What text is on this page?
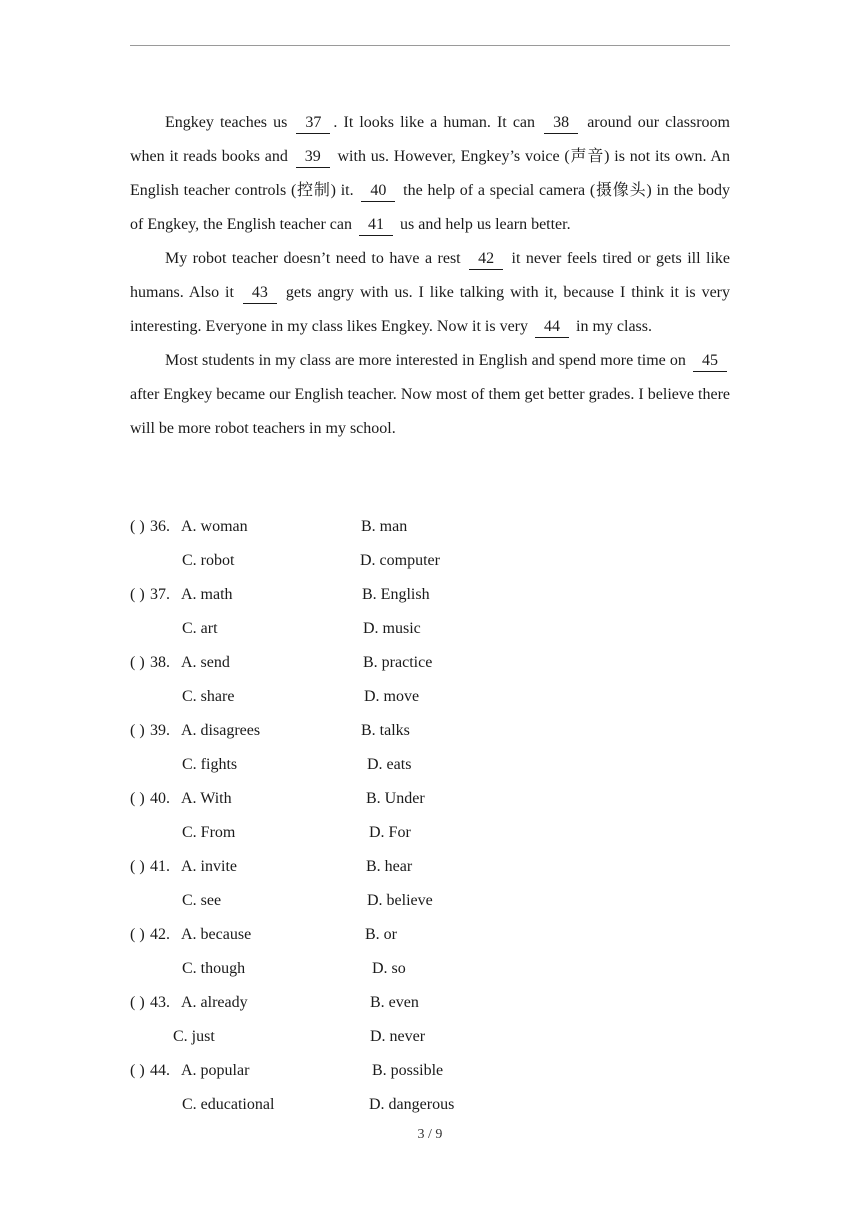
Engkey teaches us 37 . It looks like a human. It can 38 around our classroom when it reads books and 39 with us. However, Engkey’s voice (声音) is not its own. An English teacher controls (控制) it. 40 the help of a special camera (摄像头) in the body of Engkey, the English teacher can 41 us and help us learn better.

My robot teacher doesn’t need to have a rest 42 it never feels tired or gets ill like humans. Also it 43 gets angry with us. I like talking with it, because I think it is very interesting. Everyone in my class likes Engkey. Now it is very 44 in my class.

Most students in my class are more interested in English and spend more time on 45 after Engkey became our English teacher. Now most of them get better grades. I believe there will be more robot teachers in my school.

( ) 36. A. woman	B. man
C. robot	D. computer
( ) 37. A. math	B. English
C. art	D. music
( ) 38. A. send	B. practice
C. share	D. move
( ) 39. A. disagrees	B. talks
C. fights	D. eats
( ) 40. A. With	B. Under
C. From	D. For
( ) 41. A. invite	B. hear
C. see	D. believe
( ) 42. A. because	B. or
C. though	D. so
( ) 43. A. already	B. even
C. just	D. never
( ) 44. A. popular	B. possible
C. educational	D. dangerous
3 / 9
